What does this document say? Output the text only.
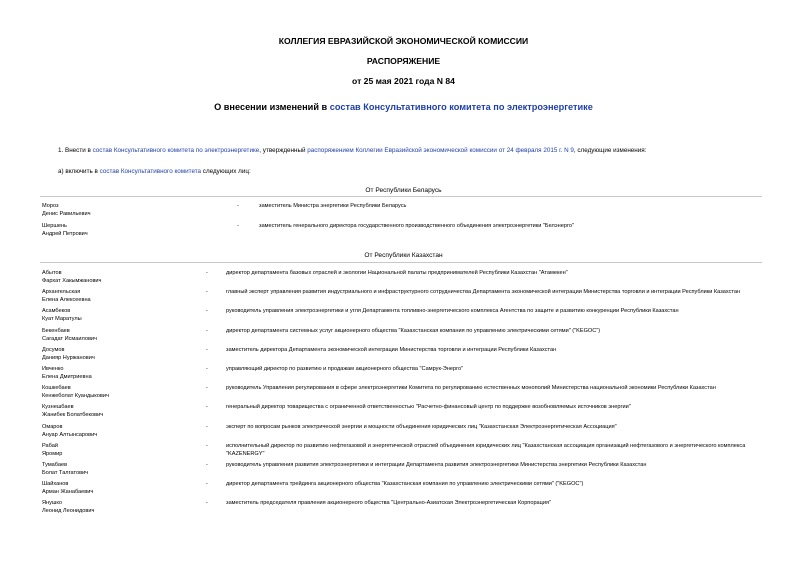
КОЛЛЕГИЯ ЕВРАЗИЙСКОЙ ЭКОНОМИЧЕСКОЙ КОМИССИИ
РАСПОРЯЖЕНИЕ
от 25 мая 2021 года N 84
О внесении изменений в состав Консультативного комитета по электроэнергетике
1. Внести в состав Консультативного комитета по электроэнергетике, утвержденный распоряжением Коллегии Евразийской экономической комиссии от 24 февраля 2015 г. N 9, следующие изменения:
а) включить в состав Консультативного комитета следующих лиц:
От Республики Беларусь
Мороз
Денис Равильевич
-	заместитель Министра энергетики Республики Беларусь
Шершень
Андрей Петрович
-	заместитель генерального директора государственного производственного объединения электроэнергетики "Белэнерго"
От Республики Казахстан
Абытов
Фархат Хакымжанович
-	директор департамента базовых отраслей и экологии Национальной палаты предпринимателей Республики Казахстан "Атамекен"
Архангельская
Елена Алексеевна
-	главный эксперт управления развития индустриального и инфраструктурного сотрудничества Департамента экономической интеграции Министерства торговли и интеграции Республики Казахстан
Асамбеков
Куат Маратулы
-	руководитель управления электроэнергетики и угля Департамента топливно-энергетического комплекса Агентства по защите и развитию конкуренции Республики Казахстан
Бекенбаев
Сагадат Исмаилович
-	директор департамента системных услуг акционерного общества "Казахстанская компания по управлению электрическими сетями" ("KEGOC")
Досумов
Данияр Нуржанович
-	заместитель директора Департамента экономической интеграции Министерства торговли и интеграции Республики Казахстан
Ивченко
Елена Дмитриевна
-	управляющий директор по развитию и продажам акционерного общества "Самрук-Энерго"
Кошкебаев
Кенжеболат Куандыкович
-	руководитель Управления регулирования в сфере электроэнергетики Комитета по регулированию естественных монополий Министерства национальной экономики Республики Казахстан
Кузнешбаев
Жанибек Болатбекович
-	генеральный директор товарищества с ограниченной ответственностью "Расчетно-финансовый центр по поддержке возобновляемых источников энергии"
Омаров
Ануар Алтынсарович
-	эксперт по вопросам рынков электрической энергии и мощности объединения юридических лиц "Казахстанская Электроэнергетическая Ассоциация"
Рабай
Яромир
-	исполнительный директор по развитию нефтегазовой и энергетической отраслей объединения юридических лиц "Казахстанская ассоциация организаций нефтегазового и энергетического комплекса "KAZENERGY"
Тумабаев
Болат Талгатович
-	руководитель управления развития электроэнергетики и интеграции Департамента развития электроэнергетики Министерства энергетики Республики Казахстан
Шайханов
Арман Жанабаевич
-	директор департамента трейдинга акционерного общества "Казахстанская компания по управлению электрическими сетями" ("KEGOC")
Янушко
Леонид Леонидович
-	заместитель председателя правления акционерного общества "Центрально-Азиатская Электроэнергетическая Корпорация"
